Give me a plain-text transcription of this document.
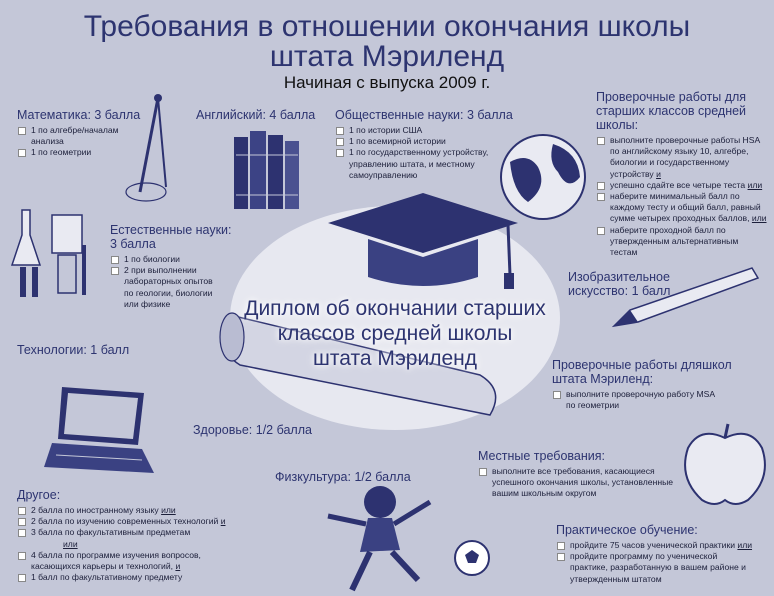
Требования в отношении окончания школы
штата Мэриленд
Начиная с выпуска 2009 г.
Диплом об окончании старших
классов средней школы
штата Мэриленд
Математика: 3 балла
1 по алгебре/началам
анализа
1 по геометрии
Английский: 4 балла Общественные науки: 3 балла
1 по истории США
1 по всемирной истории
1 по государственному устройству,
управлению штата, и местному
самоуправлению
Проверочные работы для
старших классов средней
школы:
выполните проверочные работы HSA
по английскому языку 10, алгебре,
биологии и государственному
устройству и
успешно сдайте все четыре теста или
наберите минимальный балл по
каждому тесту и общий балл, равный
сумме четырех проходных баллов, или
наберите проходной балл по
утвержденным альтернативным
тестам
Естественные науки:
3 балла
1 по биологии
2 при выполнении
лабораторных опытов
по геологии, биологии
или физике
Изобразительное
искусство: 1 балл
Технологии: 1 балл
Проверочные работы дляшкол
штата Мэриленд:
выполните проверочную работу MSA
по геометрии
Здоровье: 1/2 балла
Местные требования:
выполните все требования, касающиеся
успешного окончания школы, установленные
вашим школьным округом
Физкультура: 1/2 балла
Другое:
2 балла по иностранному языку или
2 балла по изучению современных технологий и
3 балла по факультативным предметам
или
4 балла по программе изучения вопросов,
касающихся карьеры и технологий, и
1 балл по факультативному предмету
Практическое обучение:
пройдите 75 часов ученической практики или
пройдите программу по ученической
практике, разработанную в вашем районе и
утвержденным штатом
